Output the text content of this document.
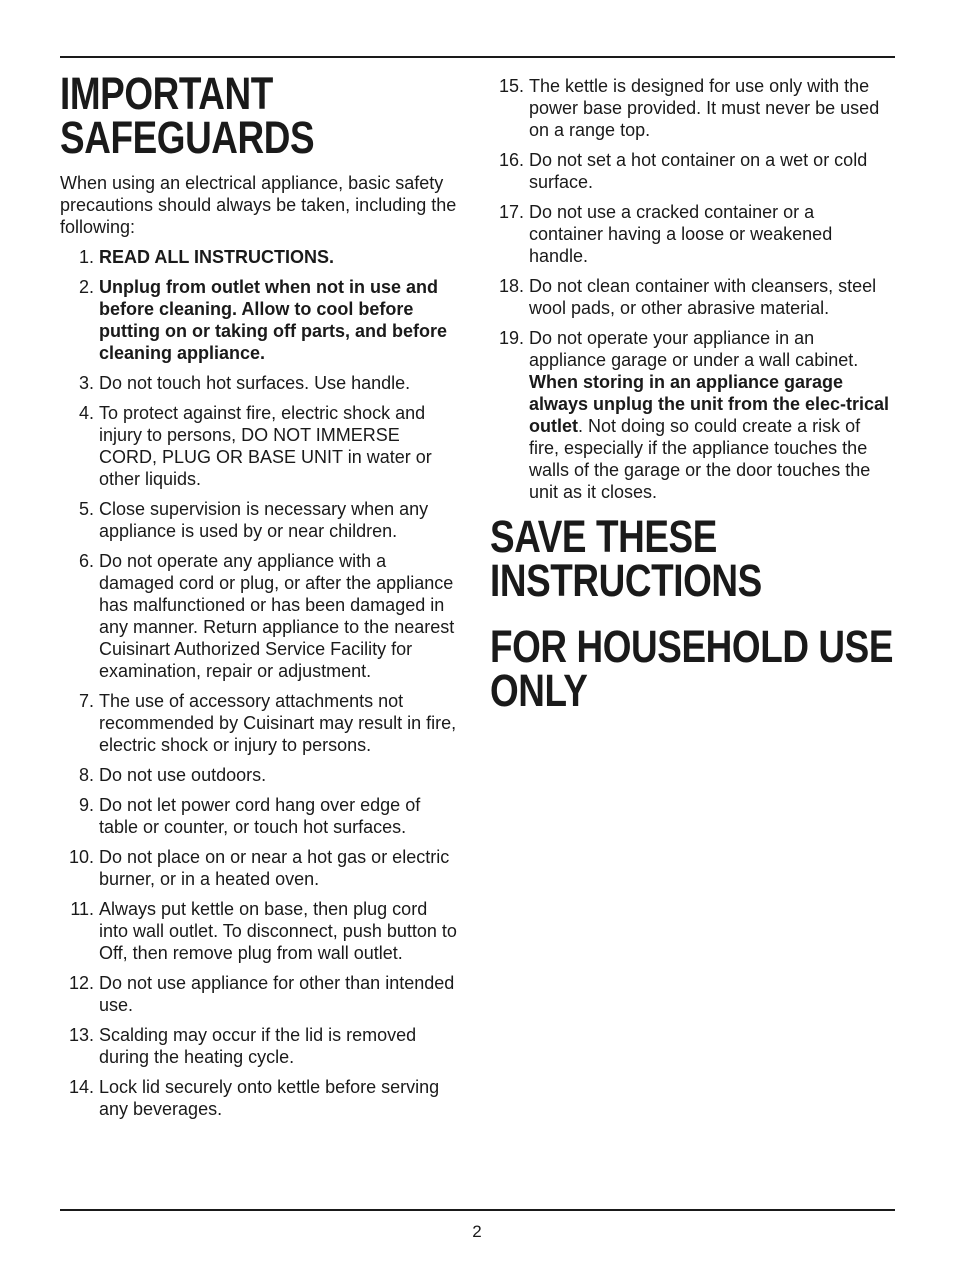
IMPORTANT
SAFEGUARDS

When using an electrical appliance, basic safety precautions should always be taken, including the following:

1. READ ALL INSTRUCTIONS.
2. Unplug from outlet when not in use and before cleaning. Allow to cool before putting on or taking off parts, and before cleaning appliance.
3. Do not touch hot surfaces. Use handle.
4. To protect against fire, electric shock and injury to persons, DO NOT IMMERSE CORD, PLUG OR BASE UNIT in water or other liquids.
5. Close supervision is necessary when any appliance is used by or near children.
6. Do not operate any appliance with a damaged cord or plug, or after the appliance has malfunctioned or has been damaged in any manner. Return appliance to the nearest Cuisinart Authorized Service Facility for examination, repair or adjustment.
7. The use of accessory attachments not recommended by Cuisinart may result in fire, electric shock or injury to persons.
8. Do not use outdoors.
9. Do not let power cord hang over edge of table or counter, or touch hot surfaces.
10. Do not place on or near a hot gas or electric burner, or in a heated oven.
11. Always put kettle on base, then plug cord into wall outlet. To disconnect, push button to Off, then remove plug from wall outlet.
12. Do not use appliance for other than intended use.
13. Scalding may occur if the lid is removed during the heating cycle.
14. Lock lid securely onto kettle before serving any beverages.
15. The kettle is designed for use only with the power base provided. It must never be used on a range top.
16. Do not set a hot container on a wet or cold surface.
17. Do not use a cracked container or a container having a loose or weakened handle.
18. Do not clean container with cleansers, steel wool pads, or other abrasive material.
19. Do not operate your appliance in an appliance garage or under a wall cabinet. When storing in an appliance garage always unplug the unit from the elec-trical outlet. Not doing so could create a risk of fire, especially if the appliance touches the walls of the garage or the door touches the unit as it closes.
SAVE THESE
INSTRUCTIONS
FOR HOUSEHOLD USE
ONLY
2
